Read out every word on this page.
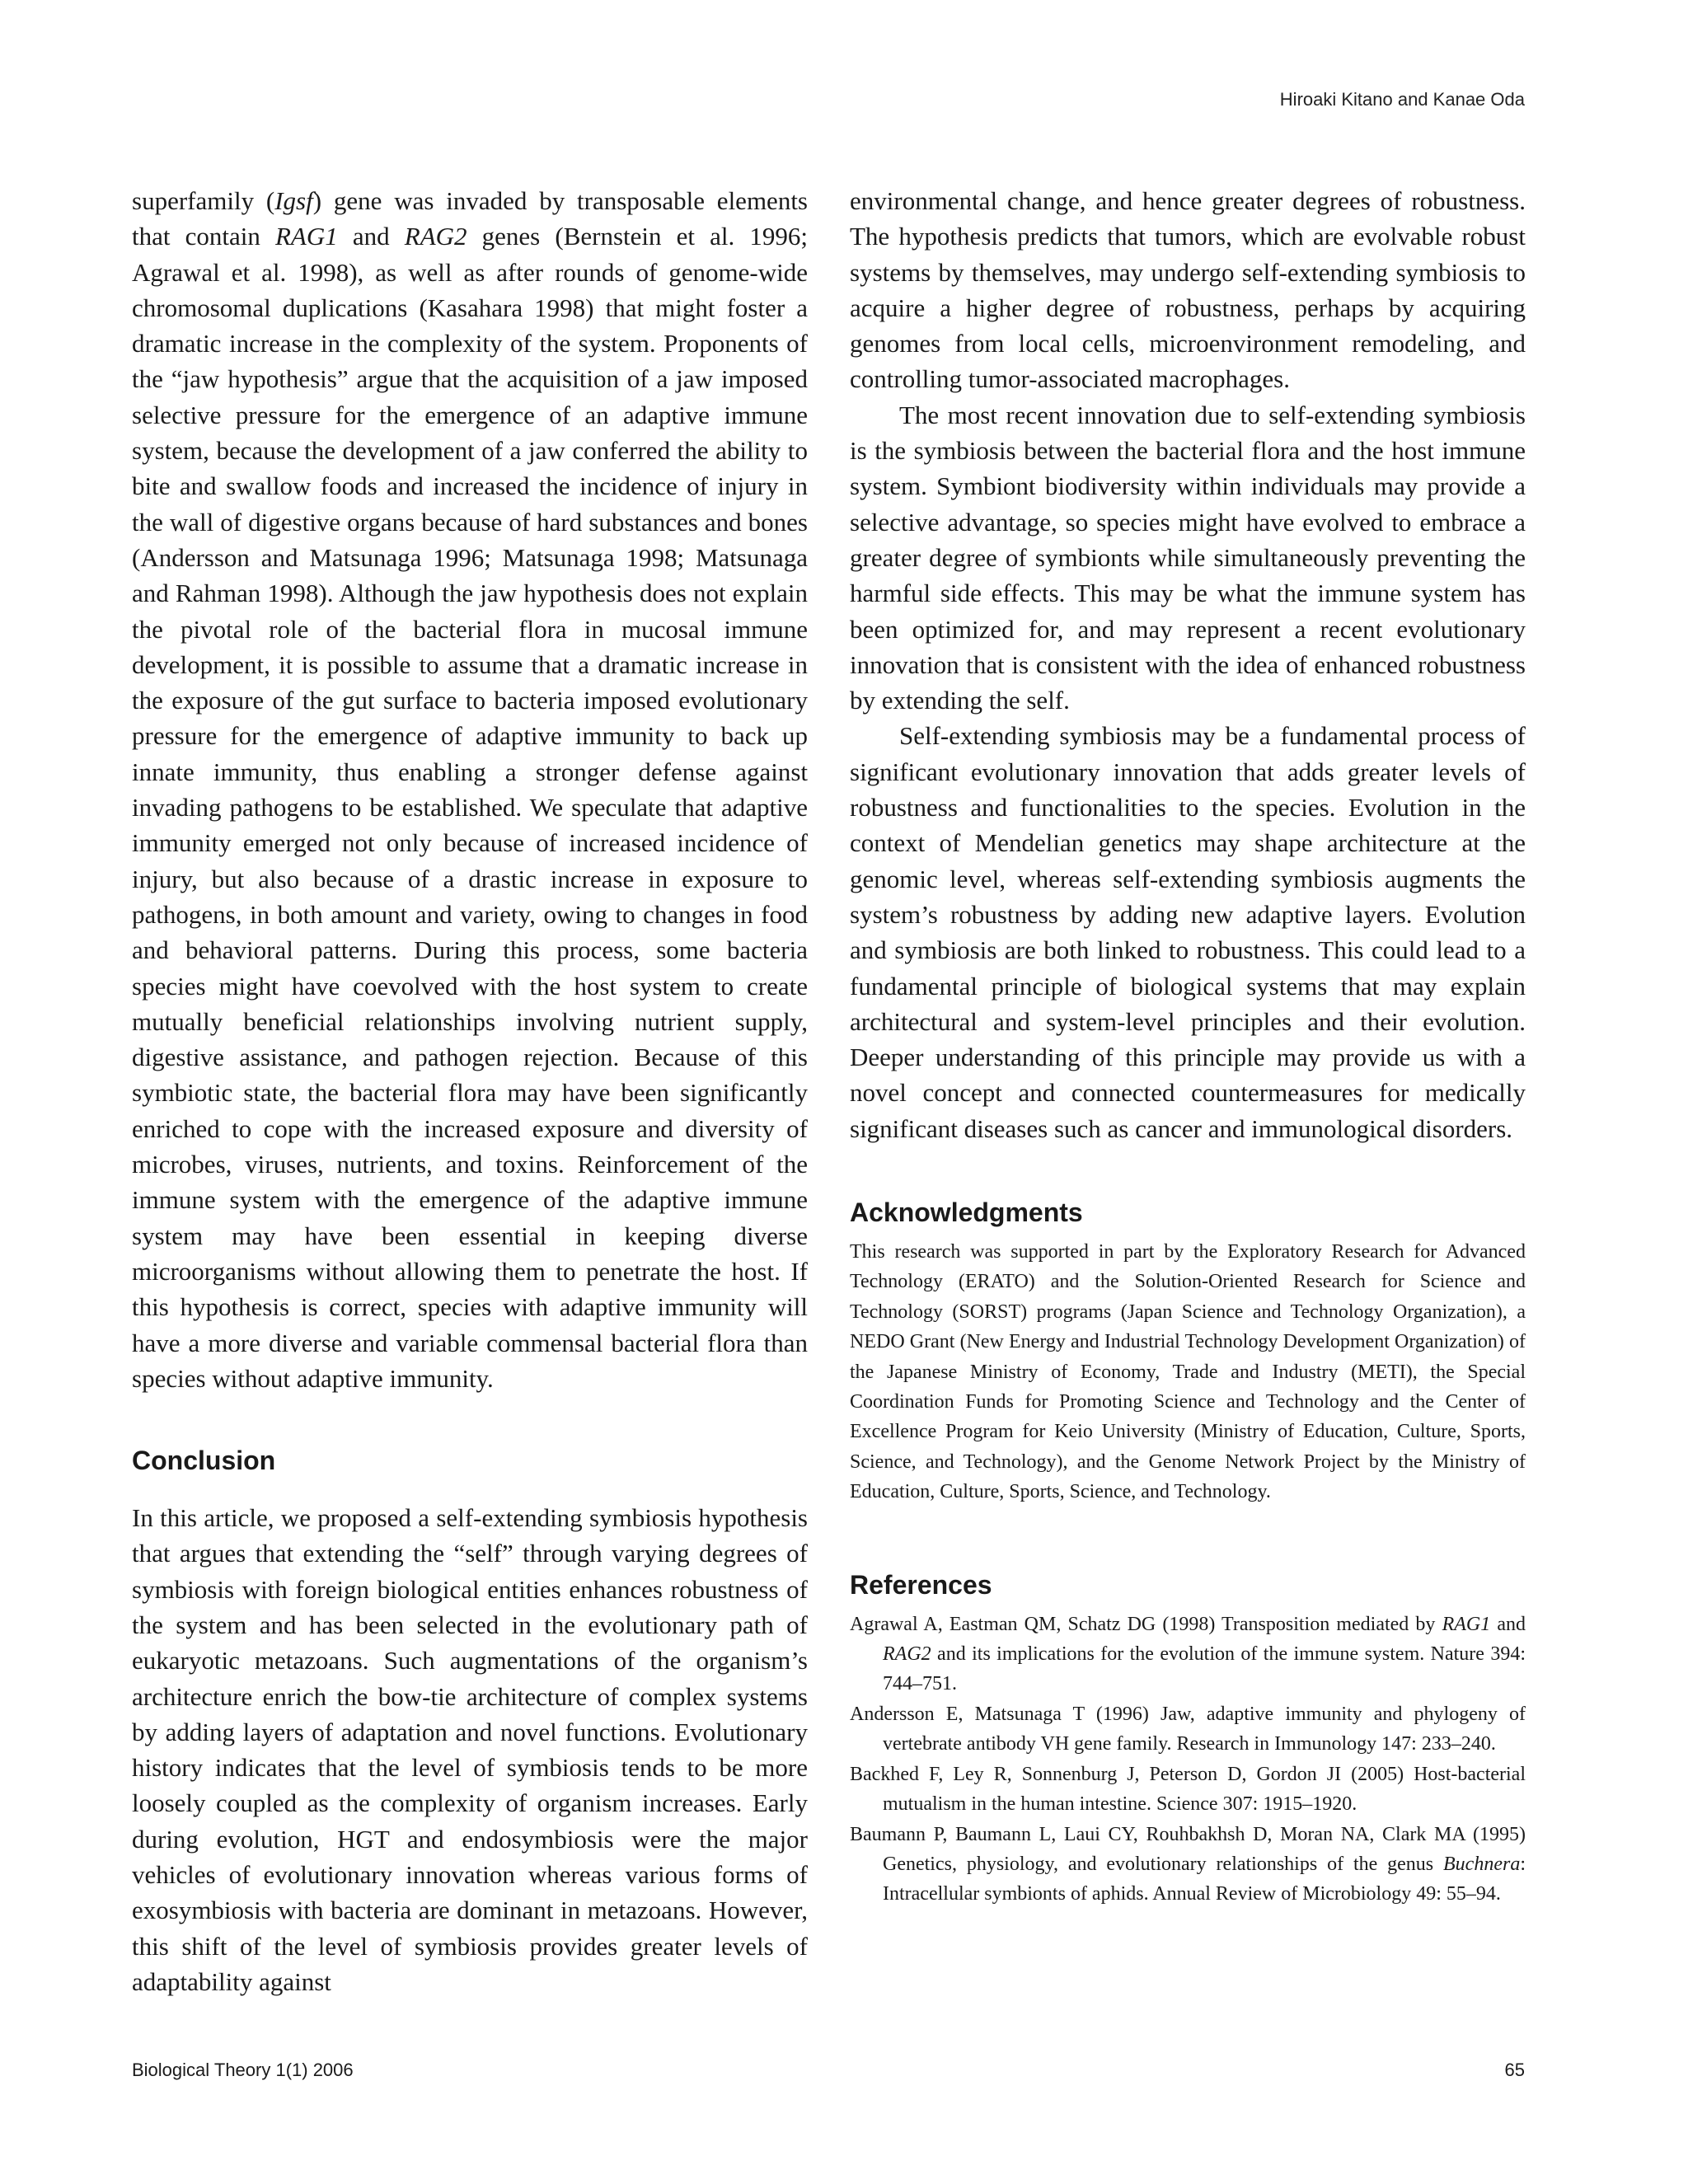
Hiroaki Kitano and Kanae Oda

superfamily (Igsf) gene was invaded by transposable elements that contain RAG1 and RAG2 genes (Bernstein et al. 1996; Agrawal et al. 1998), as well as after rounds of genome-wide chromosomal duplications (Kasahara 1998) that might foster a dramatic increase in the complexity of the system. Proponents of the “jaw hypothesis” argue that the acquisition of a jaw imposed selective pressure for the emergence of an adaptive immune system, because the development of a jaw conferred the ability to bite and swallow foods and increased the incidence of injury in the wall of digestive organs because of hard substances and bones (Andersson and Matsunaga 1996; Matsunaga 1998; Matsunaga and Rahman 1998). Although the jaw hypothesis does not explain the pivotal role of the bacterial flora in mucosal immune development, it is possible to assume that a dramatic increase in the exposure of the gut surface to bacteria imposed evolutionary pressure for the emergence of adaptive immunity to back up innate immunity, thus enabling a stronger defense against invading pathogens to be established. We speculate that adaptive immunity emerged not only because of increased incidence of injury, but also because of a drastic increase in exposure to pathogens, in both amount and variety, owing to changes in food and behavioral patterns. During this process, some bacteria species might have coevolved with the host system to create mutually beneficial relationships involving nutrient supply, digestive assistance, and pathogen rejection. Because of this symbiotic state, the bacterial flora may have been significantly enriched to cope with the increased exposure and diversity of microbes, viruses, nutrients, and toxins. Reinforcement of the immune system with the emergence of the adaptive immune system may have been essential in keeping diverse microorganisms without allowing them to penetrate the host. If this hypothesis is correct, species with adaptive immunity will have a more diverse and variable commensal bacterial flora than species without adaptive immunity.

Conclusion

In this article, we proposed a self-extending symbiosis hypothesis that argues that extending the “self” through varying degrees of symbiosis with foreign biological entities enhances robustness of the system and has been selected in the evolutionary path of eukaryotic metazoans. Such augmentations of the organism’s architecture enrich the bow-tie architecture of complex systems by adding layers of adaptation and novel functions. Evolutionary history indicates that the level of symbiosis tends to be more loosely coupled as the complexity of organism increases. Early during evolution, HGT and endosymbiosis were the major vehicles of evolutionary innovation whereas various forms of exosymbiosis with bacteria are dominant in metazoans. However, this shift of the level of symbiosis provides greater levels of adaptability against

environmental change, and hence greater degrees of robustness. The hypothesis predicts that tumors, which are evolvable robust systems by themselves, may undergo self-extending symbiosis to acquire a higher degree of robustness, perhaps by acquiring genomes from local cells, microenvironment remodeling, and controlling tumor-associated macrophages.

The most recent innovation due to self-extending symbiosis is the symbiosis between the bacterial flora and the host immune system. Symbiont biodiversity within individuals may provide a selective advantage, so species might have evolved to embrace a greater degree of symbionts while simultaneously preventing the harmful side effects. This may be what the immune system has been optimized for, and may represent a recent evolutionary innovation that is consistent with the idea of enhanced robustness by extending the self.

Self-extending symbiosis may be a fundamental process of significant evolutionary innovation that adds greater levels of robustness and functionalities to the species. Evolution in the context of Mendelian genetics may shape architecture at the genomic level, whereas self-extending symbiosis augments the system’s robustness by adding new adaptive layers. Evolution and symbiosis are both linked to robustness. This could lead to a fundamental principle of biological systems that may explain architectural and system-level principles and their evolution. Deeper understanding of this principle may provide us with a novel concept and connected countermeasures for medically significant diseases such as cancer and immunological disorders.

Acknowledgments

This research was supported in part by the Exploratory Research for Advanced Technology (ERATO) and the Solution-Oriented Research for Science and Technology (SORST) programs (Japan Science and Technology Organization), a NEDO Grant (New Energy and Industrial Technology Development Organization) of the Japanese Ministry of Economy, Trade and Industry (METI), the Special Coordination Funds for Promoting Science and Technology and the Center of Excellence Program for Keio University (Ministry of Education, Culture, Sports, Science, and Technology), and the Genome Network Project by the Ministry of Education, Culture, Sports, Science, and Technology.

References

Agrawal A, Eastman QM, Schatz DG (1998) Transposition mediated by RAG1 and RAG2 and its implications for the evolution of the immune system. Nature 394: 744–751.

Andersson E, Matsunaga T (1996) Jaw, adaptive immunity and phylogeny of vertebrate antibody VH gene family. Research in Immunology 147: 233–240.

Backhed F, Ley R, Sonnenburg J, Peterson D, Gordon JI (2005) Host-bacterial mutualism in the human intestine. Science 307: 1915–1920.

Baumann P, Baumann L, Laui CY, Rouhbakhsh D, Moran NA, Clark MA (1995) Genetics, physiology, and evolutionary relationships of the genus Buchnera: Intracellular symbionts of aphids. Annual Review of Microbiology 49: 55–94.

Biological Theory 1(1) 2006	65
